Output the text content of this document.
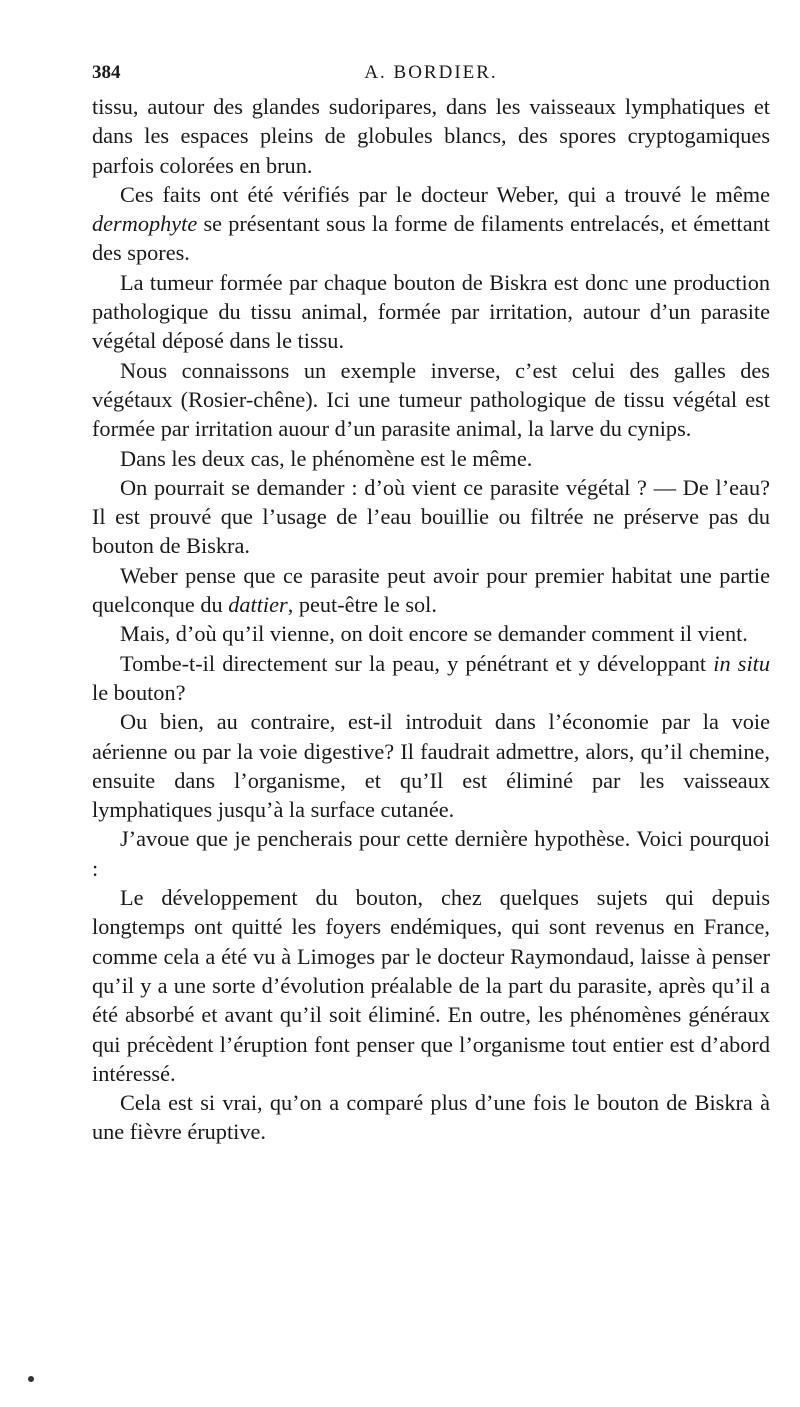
384	A. BORDIER.

tissu, autour des glandes sudoripares, dans les vaisseaux lymphatiques et dans les espaces pleins de globules blancs, des spores cryptogamiques parfois colorées en brun.

Ces faits ont été vérifiés par le docteur Weber, qui a trouvé le même dermophyte se présentant sous la forme de filaments entrelacés, et émettant des spores.

La tumeur formée par chaque bouton de Biskra est donc une production pathologique du tissu animal, formée par irritation, autour d’un parasite végétal déposé dans le tissu.

Nous connaissons un exemple inverse, c’est celui des galles des végétaux (Rosier-chêne). Ici une tumeur pathologique de tissu végétal est formée par irritation auour d’un parasite animal, la larve du cynips.

Dans les deux cas, le phénomène est le même.

On pourrait se demander : d’où vient ce parasite végétal ? — De l’eau? Il est prouvé que l’usage de l’eau bouillie ou filtrée ne préserve pas du bouton de Biskra.

Weber pense que ce parasite peut avoir pour premier habitat une partie quelconque du dattier, peut-être le sol.

Mais, d’où qu’il vienne, on doit encore se demander comment il vient.

Tombe-t-il directement sur la peau, y pénétrant et y développant in situ le bouton?

Ou bien, au contraire, est-il introduit dans l’économie par la voie aérienne ou par la voie digestive? Il faudrait admettre, alors, qu’il chemine, ensuite dans l’organisme, et qu’Il est éliminé par les vaisseaux lymphatiques jusqu’à la surface cutanée.

J’avoue que je pencherais pour cette dernière hypothèse. Voici pourquoi :

Le développement du bouton, chez quelques sujets qui depuis longtemps ont quitté les foyers endémiques, qui sont revenus en France, comme cela a été vu à Limoges par le docteur Raymondaud, laisse à penser qu’il y a une sorte d’évolution préalable de la part du parasite, après qu’il a été absorbé et avant qu’il soit éliminé. En outre, les phénomènes généraux qui précèdent l’éruption font penser que l’organisme tout entier est d’abord intéressé.

Cela est si vrai, qu’on a comparé plus d’une fois le bouton de Biskra à une fièvre éruptive.
